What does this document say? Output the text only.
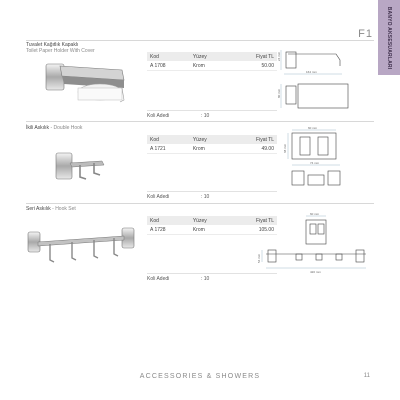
BANYO AKSESUARLARI
F1
Tuvalet Kağıtlık Kapaklı
Toilet Paper Holder With Cover
Kod	Yüzey	Fiyat TL
A 1708	Krom	50.00
Koli Adedi	: 10
164 mm
24 mm
80 mm
İkili Askılık - Double Hook
Kod	Yüzey	Fiyat TL
A 1721	Krom	49.00
Koli Adedi	: 10
60 mm
68 mm
74 mm
Seri Askılık - Hook Set
Kod	Yüzey	Fiyat TL
A 1728	Krom	105.00
Koli Adedi	: 10
60 mm
54 mm
420 mm
ACCESSORIES & SHOWERS	11
